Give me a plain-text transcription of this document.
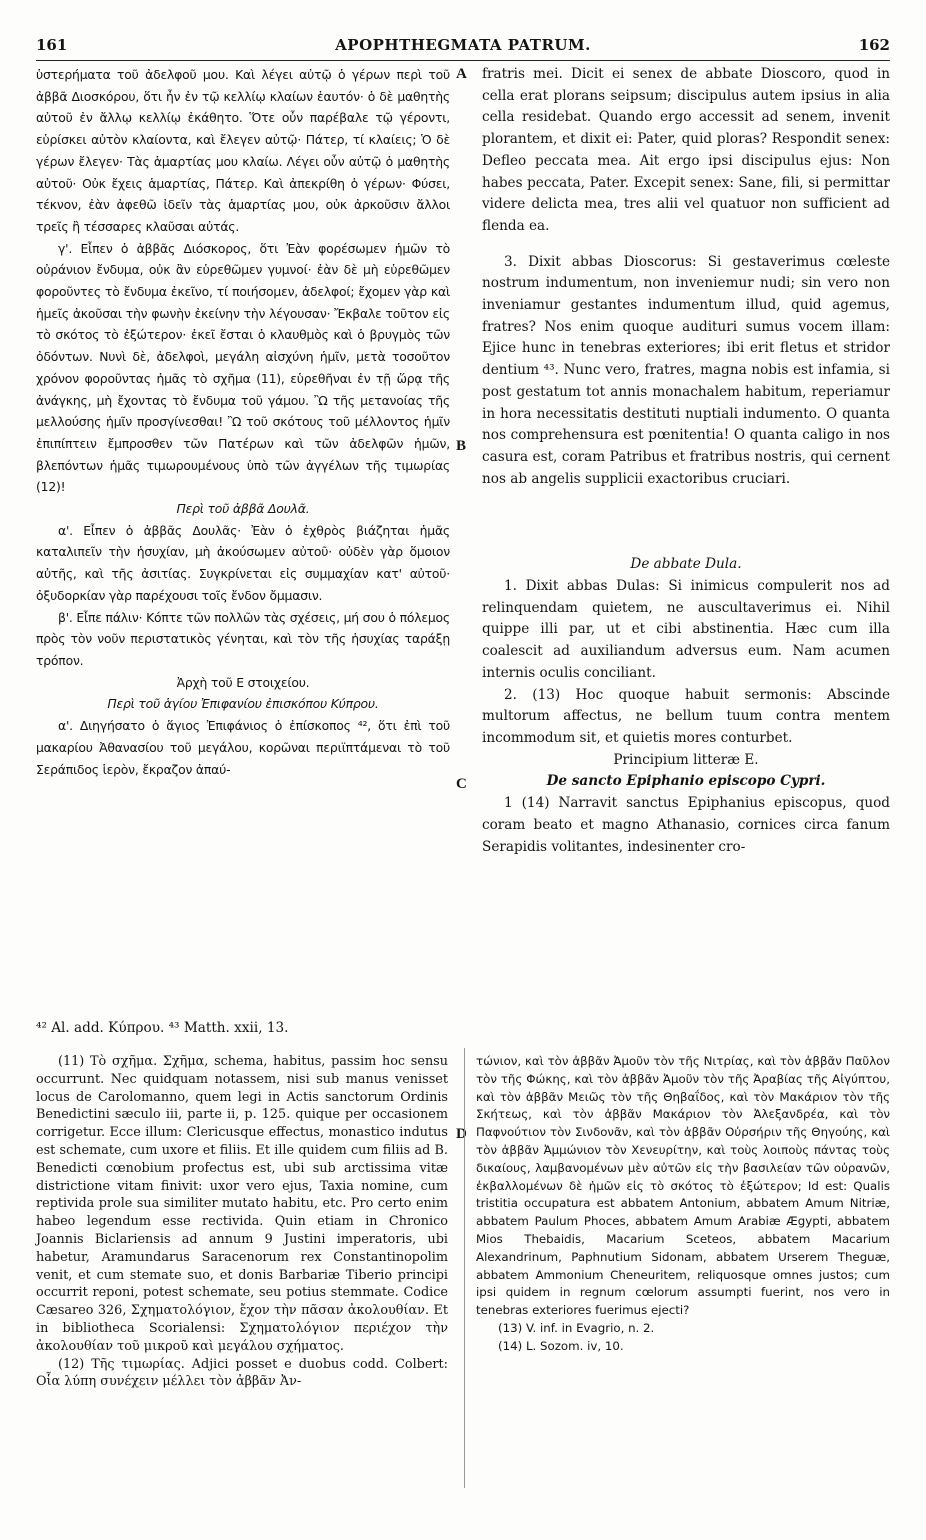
161	APOPHTHEGMATA PATRUM.	162
A
B
C
D

ὑστερήματα τοῦ ἀδελφοῦ μου. Καὶ λέγει αὐτῷ ὁ γέρων περὶ τοῦ ἀββᾶ Διοσκόρου, ὅτι ἦν ἐν τῷ κελλίῳ κλαίων ἑαυτόν· ὁ δὲ μαθητὴς αὐτοῦ ἐν ἄλλῳ κελλίῳ ἐκάθητο. Ὅτε οὖν παρέβαλε τῷ γέροντι, εὑρίσκει αὐτὸν κλαίοντα, καὶ ἔλεγεν αὐτῷ· Πάτερ, τί κλαίεις; Ὁ δὲ γέρων ἔλεγεν· Τὰς ἁμαρτίας μου κλαίω. Λέγει οὖν αὐτῷ ὁ μαθητὴς αὐτοῦ· Οὐκ ἔχεις ἁμαρτίας, Πάτερ. Καὶ ἀπεκρίθη ὁ γέρων· Φύσει, τέκνον, ἐὰν ἀφεθῶ ἰδεῖν τὰς ἁμαρτίας μου, οὐκ ἀρκοῦσιν ἄλλοι τρεῖς ἢ τέσσαρες κλαῦσαι αὐτάς.

γ'. Εἶπεν ὁ ἀββᾶς Διόσκορος, ὅτι Ἐὰν φορέσωμεν ἡμῶν τὸ οὐράνιον ἔνδυμα, οὐκ ἂν εὑρεθῶμεν γυμνοί· ἐὰν δὲ μὴ εὑρεθῶμεν φοροῦντες τὸ ἔνδυμα ἐκεῖνο, τί ποιήσομεν, ἀδελφοί; ἔχομεν γὰρ καὶ ἡμεῖς ἀκοῦσαι τὴν φωνὴν ἐκείνην τὴν λέγουσαν· Ἔκβαλε τοῦτον εἰς τὸ σκότος τὸ ἐξώτερον· ἐκεῖ ἔσται ὁ κλαυθμὸς καὶ ὁ βρυγμὸς τῶν ὀδόντων. Νυνὶ δὲ, ἀδελφοὶ, μεγάλη αἰσχύνη ἡμῖν, μετὰ τοσοῦτον χρόνον φοροῦντας ἡμᾶς τὸ σχῆμα (11), εὑρεθῆναι ἐν τῇ ὥρᾳ τῆς ἀνάγκης, μὴ ἔχοντας τὸ ἔνδυμα τοῦ γάμου. Ὢ τῆς μετανοίας τῆς μελλούσης ἡμῖν προσγίνεσθαι! Ὢ τοῦ σκότους τοῦ μέλλοντος ἡμῖν ἐπιπίπτειν ἔμπροσθεν τῶν Πατέρων καὶ τῶν ἀδελφῶν ἡμῶν, βλεπόντων ἡμᾶς τιμωρουμένους ὑπὸ τῶν ἀγγέλων τῆς τιμωρίας (12)!

Περὶ τοῦ ἀββᾶ Δουλᾶ.

α'. Εἶπεν ὁ ἀββᾶς Δουλᾶς· Ἐὰν ὁ ἐχθρὸς βιάζηται ἡμᾶς καταλιπεῖν τὴν ἡσυχίαν, μὴ ἀκούσωμεν αὐτοῦ· οὐδὲν γὰρ ὅμοιον αὐτῆς, καὶ τῆς ἀσιτίας. Συγκρίνεται εἰς συμμαχίαν κατ' αὐτοῦ· ὀξυδορκίαν γὰρ παρέχουσι τοῖς ἔνδον ὄμμασιν.

β'. Εἶπε πάλιν· Κόπτε τῶν πολλῶν τὰς σχέσεις, μή σου ὁ πόλεμος πρὸς τὸν νοῦν περιστατικὸς γένηται, καὶ τὸν τῆς ἡσυχίας ταράξῃ τρόπον.

Ἀρχὴ τοῦ Ε στοιχείου.

Περὶ τοῦ ἁγίου Ἐπιφανίου ἐπισκόπου Κύπρου.

α'. Διηγήσατο ὁ ἅγιος Ἐπιφάνιος ὁ ἐπίσκοπος ⁴², ὅτι ἐπὶ τοῦ μακαρίου Ἀθανασίου τοῦ μεγάλου, κορῶναι περιϊπτάμεναι τὸ τοῦ Σεράπιδος ἱερὸν, ἔκραζον ἀπαύ-

fratris mei. Dicit ei senex de abbate Dioscoro, quod in cella erat plorans seipsum; discipulus autem ipsius in alia cella residebat. Quando ergo accessit ad senem, invenit plorantem, et dixit ei: Pater, quid ploras? Respondit senex: Defleo peccata mea. Ait ergo ipsi discipulus ejus: Non habes peccata, Pater. Excepit senex: Sane, fili, si permittar videre delicta mea, tres alii vel quatuor non sufficient ad flenda ea.

3. Dixit abbas Dioscorus: Si gestaverimus cœleste nostrum indumentum, non inveniemur nudi; sin vero non inveniamur gestantes indumentum illud, quid agemus, fratres? Nos enim quoque audituri sumus vocem illam: Ejice hunc in tenebras exteriores; ibi erit fletus et stridor dentium ⁴³. Nunc vero, fratres, magna nobis est infamia, si post gestatum tot annis monachalem habitum, reperiamur in hora necessitatis destituti nuptiali indumento. O quanta nos comprehensura est pœnitentia! O quanta caligo in nos casura est, coram Patribus et fratribus nostris, qui cernent nos ab angelis supplicii exactoribus cruciari.

De abbate Dula.

1. Dixit abbas Dulas: Si inimicus compulerit nos ad relinquendam quietem, ne auscultaverimus ei. Nihil quippe illi par, ut et cibi abstinentia. Hæc cum illa coalescit ad auxiliandum adversus eum. Nam acumen internis oculis conciliant.

2. (13) Hoc quoque habuit sermonis: Abscinde multorum affectus, ne bellum tuum contra mentem incommodum sit, et quietis mores conturbet.

Principium litteræ E.

De sancto Epiphanio episcopo Cypri.

1 (14) Narravit sanctus Epiphanius episcopus, quod coram beato et magno Athanasio, cornices circa fanum Serapidis volitantes, indesinenter cro-

⁴² Al. add. Κύπρου. ⁴³ Matth. xxii, 13.

(11) Τὸ σχῆμα. Σχῆμα, schema, habitus, passim hoc sensu occurrunt. Nec quidquam notassem, nisi sub manus venisset locus de Carolomanno, quem legi in Actis sanctorum Ordinis Benedictini sæculo iii, parte ii, p. 125. quique per occasionem corrigetur. Ecce illum: Clericusque effectus, monastico indutus est schemate, cum uxore et filiis. Et ille quidem cum filiis ad B. Benedicti cœnobium profectus est, ubi sub arctissima vitæ districtione vitam finivit: uxor vero ejus, Taxia nomine, cum reptivida prole sua similiter mutato habitu, etc. Pro certo enim habeo legendum esse rectivida. Quin etiam in Chronico Joannis Biclariensis ad annum 9 Justini imperatoris, ubi habetur, Aramundarus Saracenorum rex Constantinopolim venit, et cum stemate suo, et donis Barbariæ Tiberio principi occurrit reponi, potest schemate, seu potius stemmate. Codice Cæsareo 326, Σχηματολόγιον, ἔχον τὴν πᾶσαν ἀκολουθίαν. Et in bibliotheca Scorialensi: Σχηματολόγιον περιέχον τὴν ἀκολουθίαν τοῦ μικροῦ καὶ μεγάλου σχήματος.

(12) Τῆς τιμωρίας. Adjici posset e duobus codd. Colbert: Οἷα λύπη συνέχειν μέλλει τὸν ἀββᾶν Ἀν-

τώνιον, καὶ τὸν ἀββᾶν Ἀμοῦν τὸν τῆς Νιτρίας, καὶ τὸν ἀββᾶν Παῦλον τὸν τῆς Φώκης, καὶ τὸν ἀββᾶν Ἀμοῦν τὸν τῆς Ἀραβίας τῆς Αἰγύπτου, καὶ τὸν ἀββᾶν Μειῶς τὸν τῆς Θηβαΐδος, καὶ τὸν Μακάριον τὸν τῆς Σκήτεως, καὶ τὸν ἀββᾶν Μακάριον τὸν Ἀλεξανδρέα, καὶ τὸν Παφνούτιον τὸν Σινδονᾶν, καὶ τὸν ἀββᾶν Οὐρσήριν τῆς Θηγούης, καὶ τὸν ἀββᾶν Ἀμμώνιον τὸν Χενευρίτην, καὶ τοὺς λοιποὺς πάντας τοὺς δικαίους, λαμβανομένων μὲν αὐτῶν εἰς τὴν βασιλείαν τῶν οὐρανῶν, ἐκβαλλομένων δὲ ἡμῶν εἰς τὸ σκότος τὸ ἐξώτερον; Id est: Qualis tristitia occupatura est abbatem Antonium, abbatem Amum Nitriæ, abbatem Paulum Phoces, abbatem Amum Arabiæ Ægypti, abbatem Mios Thebaidis, Macarium Sceteos, abbatem Macarium Alexandrinum, Paphnutium Sidonam, abbatem Urserem Theguæ, abbatem Ammonium Cheneuritem, reliquosque omnes justos; cum ipsi quidem in regnum cœlorum assumpti fuerint, nos vero in tenebras exteriores fuerimus ejecti?

(13) V. inf. in Evagrio, n. 2.

(14) L. Sozom. iv, 10.
